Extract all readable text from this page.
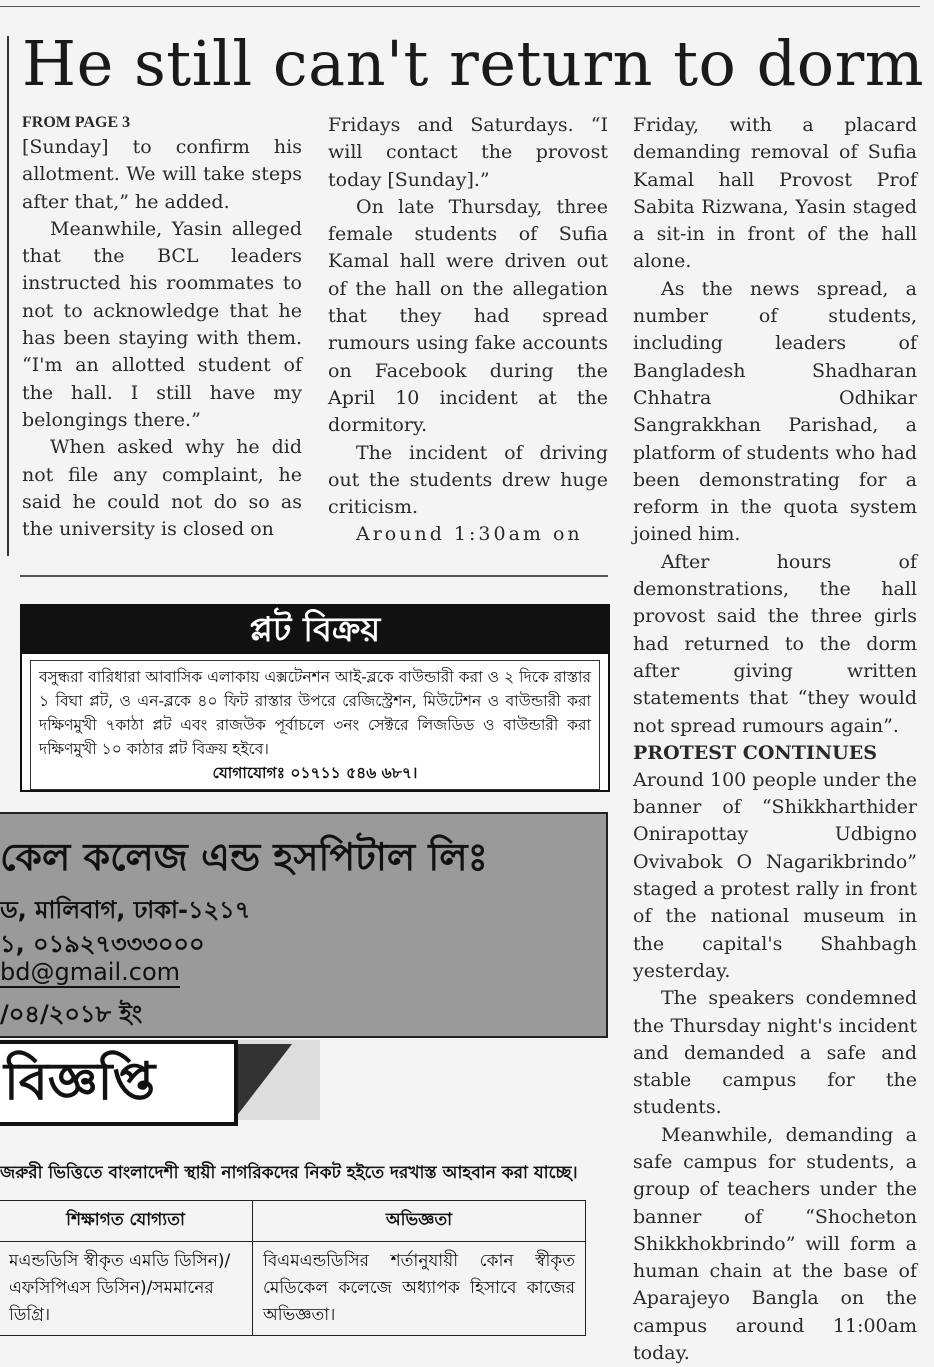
He still can't return to dorm
FROM PAGE 3

[Sunday] to confirm his allotment. We will take steps after that,” he added.

Meanwhile, Yasin alleged that the BCL leaders instructed his roommates to not to acknowledge that he has been staying with them. “I'm an allotted student of the hall. I still have my belongings there.”

When asked why he did not file any complaint, he said he could not do so as the university is closed on

Fridays and Saturdays. “I will contact the provost today [Sunday].”

On late Thursday, three female students of Sufia Kamal hall were driven out of the hall on the allegation that they had spread rumours using fake accounts on Facebook during the April 10 incident at the dormitory.

The incident of driving out the students drew huge criticism.

Around 1:30am on

Friday, with a placard demanding removal of Sufia Kamal hall Provost Prof Sabita Rizwana, Yasin staged a sit-in in front of the hall alone.

As the news spread, a number of students, including leaders of Bangladesh Shadharan Chhatra Odhikar Sangrakkhan Parishad, a platform of students who had been demonstrating for a reform in the quota system joined him.

After hours of demonstrations, the hall provost said the three girls had returned to the dorm after giving written statements that “they would not spread rumours again”.

PROTEST CONTINUES

Around 100 people under the banner of “Shikkharthider Onirapottay Udbigno Ovivabok O Nagarikbrindo” staged a protest rally in front of the national museum in the capital's Shahbagh yesterday.

The speakers condemned the Thursday night's incident and demanded a safe and stable campus for the students.

Meanwhile, demanding a safe campus for students, a group of teachers under the banner of “Shocheton Shikkhokbrindo” will form a human chain at the base of Aparajeyo Bangla on the campus around 11:00am today.

প্লট বিক্রয়
বসুন্ধরা বারিধারা আবাসিক এলাকায় এক্সটেনশন আই-ব্লকে বাউন্ডারী করা ও ২ দিকে রাস্তার ১ বিঘা প্লট, ও এন-ব্লকে ৪০ ফিট রাস্তার উপরে রেজিস্ট্রেশন, মিউটেশন ও বাউন্ডারী করা দক্ষিণমুখী ৭কাঠা প্লট এবং রাজউক পূর্বাচলে ৩নং সেক্টরে লিজডিড ও বাউন্ডারী করা দক্ষিণমুখী ১০ কাঠার প্লট বিক্রয় হইবে।
যোগাযোগঃ ০১৭১১ ৫৪৬ ৬৮৭।
কেল কলেজ এন্ড হসপিটাল লিঃ
ড, মালিবাগ, ঢাকা-১২১৭
১, ০১৯২৭৩৩৩০০০
bd@gmail.com
/০৪/২০১৮ ইং
বিজ্ঞপ্তি
জরুরী ভিত্তিতে বাংলাদেশী স্থায়ী নাগরিকদের নিকট হইতে দরখাস্ত আহবান করা যাচ্ছে।
শিক্ষাগত যোগ্যতা	অভিজ্ঞতা
মএন্ডডিসি স্বীকৃত এমডি ডিসিন)/এফসিপিএস ডিসিন)/সমমানের ডিগ্রি।	বিএমএন্ডডিসির শর্তানুযায়ী কোন স্বীকৃত মেডিকেল কলেজে অধ্যাপক হিসাবে কাজের অভিজ্ঞতা।
